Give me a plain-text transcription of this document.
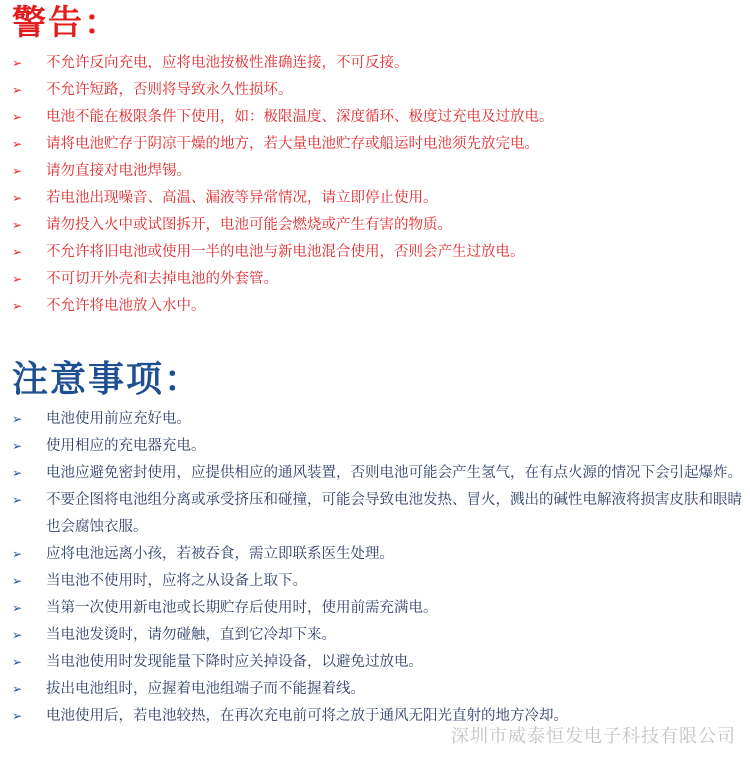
警告：
➢	不允许反向充电，应将电池按极性准确连接，不可反接。
➢	不允许短路，否则将导致永久性损坏。
➢	电池不能在极限条件下使用，如：极限温度、深度循环、极度过充电及过放电。
➢	请将电池贮存于阴凉干燥的地方，若大量电池贮存或船运时电池须先放完电。
➢	请勿直接对电池焊锡。
➢	若电池出现噪音、高温、漏液等异常情况，请立即停止使用。
➢	请勿投入火中或试图拆开，电池可能会燃烧或产生有害的物质。
➢	不允许将旧电池或使用一半的电池与新电池混合使用，否则会产生过放电。
➢	不可切开外壳和去掉电池的外套管。
➢	不允许将电池放入水中。
注意事项：
➢	电池使用前应充好电。
➢	使用相应的充电器充电。
➢	电池应避免密封使用，应提供相应的通风装置，否则电池可能会产生氢气，在有点火源的情况下会引起爆炸。
➢	不要企图将电池组分离或承受挤压和碰撞，可能会导致电池发热、冒火，溅出的碱性电解液将损害皮肤和眼睛也会腐蚀衣服。
➢	应将电池远离小孩，若被吞食，需立即联系医生处理。
➢	当电池不使用时，应将之从设备上取下。
➢	当第一次使用新电池或长期贮存后使用时，使用前需充满电。
➢	当电池发烫时，请勿碰触，直到它冷却下来。
➢	当电池使用时发现能量下降时应关掉设备，以避免过放电。
➢	拔出电池组时，应握着电池组端子而不能握着线。
➢	电池使用后，若电池较热，在再次充电前可将之放于通风无阳光直射的地方冷却。
深圳市威泰恒发电子科技有限公司
